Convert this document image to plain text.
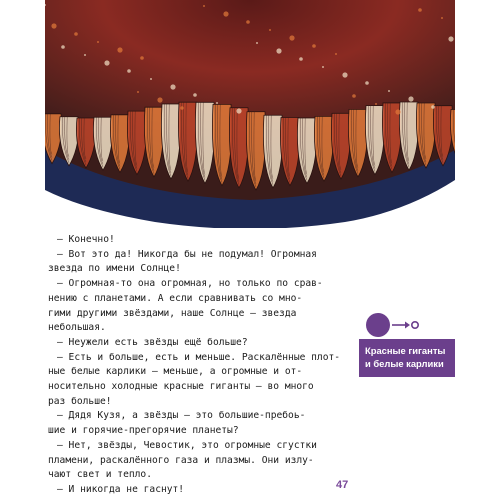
— Конечно!

— Вот это да! Никогда бы не подумал! Огромная

звезда по имени Солнце!

— Огромная-то она огромная, но только по срав-

нению с планетами. А если сравнивать со мно-

гими другими звёздами, наше Солнце — звезда

небольшая.

— Неужели есть звёзды ещё больше?

— Есть и больше, есть и меньше. Раскалённые плот-

ные белые карлики — меньше, а огромные и от-

носительно холодные красные гиганты — во много

раз больше!

— Дядя Кузя, а звёзды — это большие-пребоь-

шие и горячие-прегорячие планеты?

— Нет, звёзды, Чевостик, это огромные сгустки

пламени, раскалённого газа и плазмы. Они излу-

чают свет и тепло.

— И никогда не гаснут!

Красные гиганты
и белые карлики
47
